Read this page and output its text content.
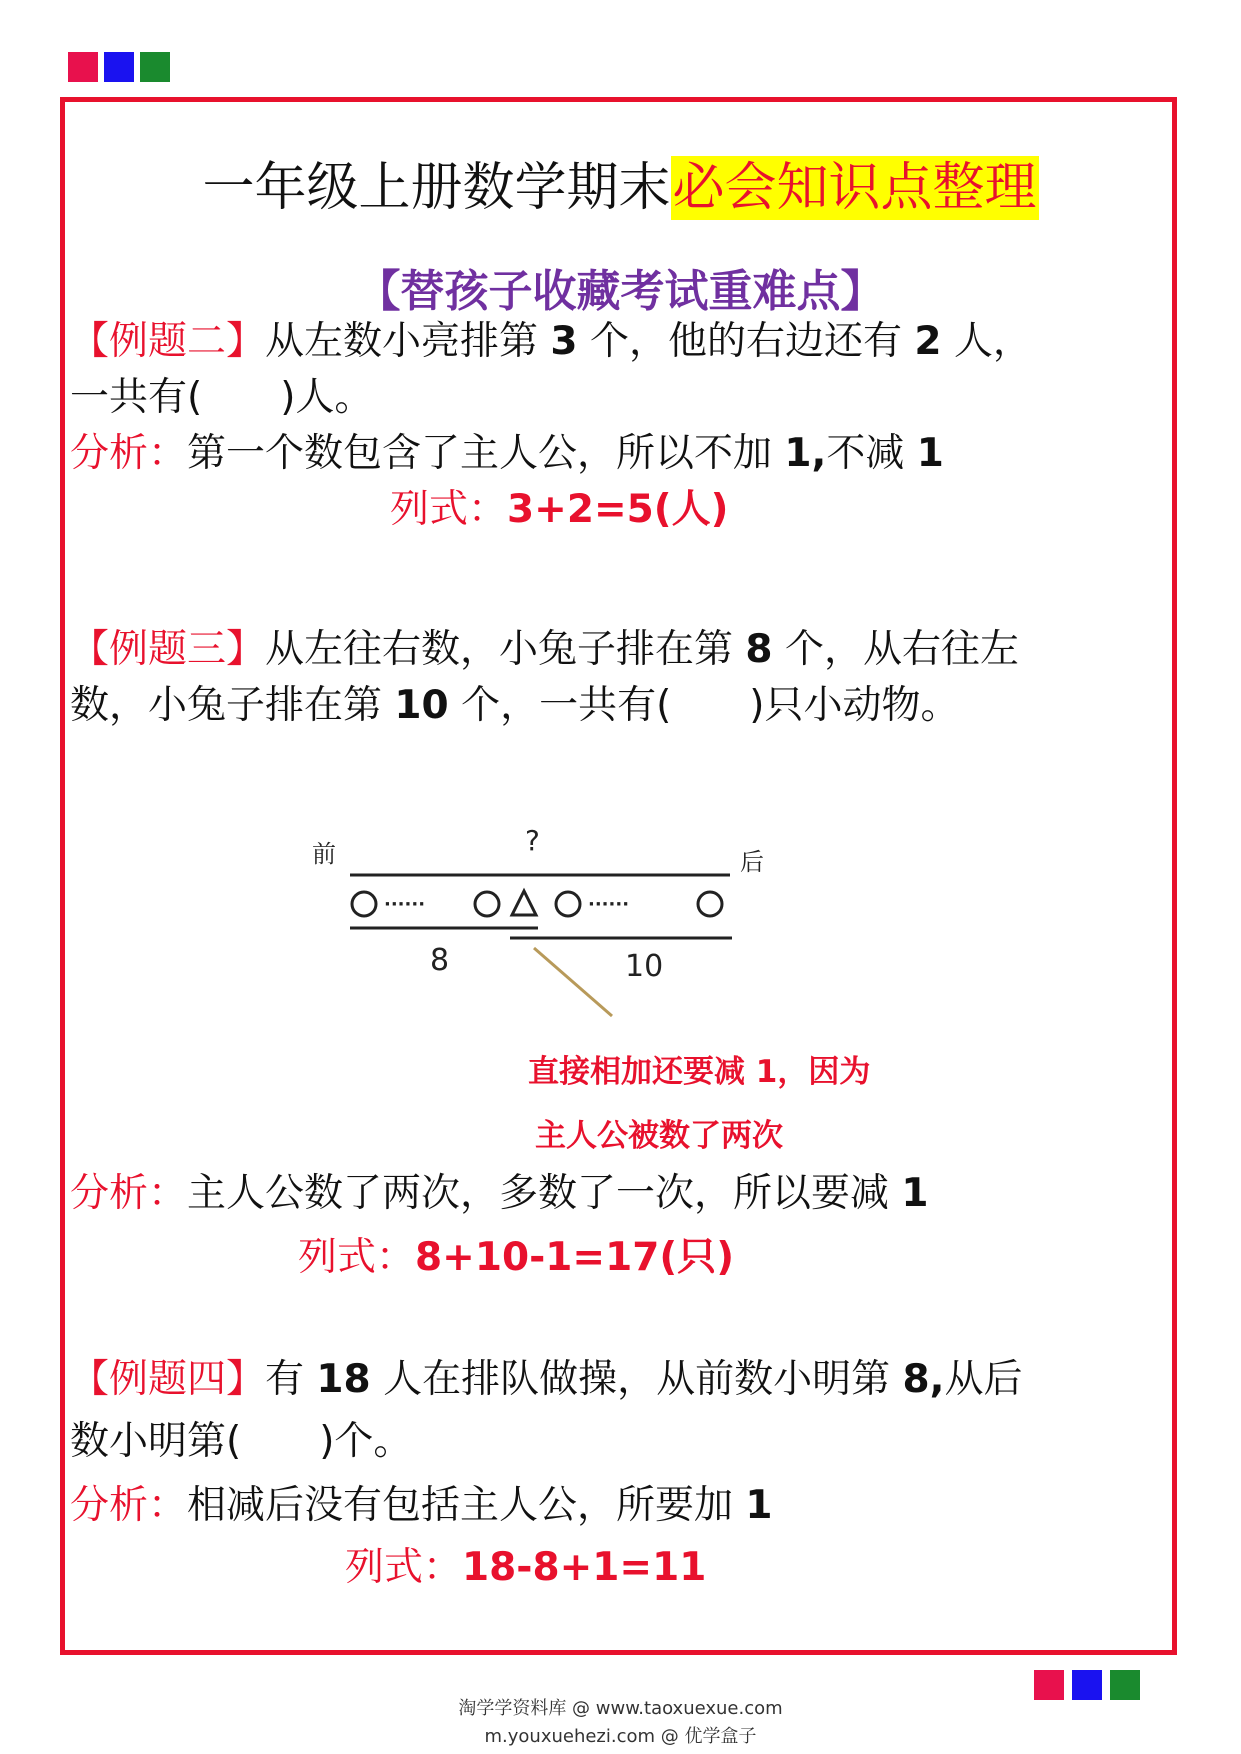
一年级上册数学期末必会知识点整理
【替孩子收藏考试重难点】
【例题二】从左数小亮排第 3 个，他的右边还有 2 人，
一共有(　　)人。
分析：第一个数包含了主人公，所以不加 1,不减 1
列式：3+2=5(人)
【例题三】从左往右数，小兔子排在第 8 个，从右往左
数，小兔子排在第 10 个，一共有(　　)只小动物。
前	?
后
······	······
8	10
直接相加还要减 1，因为
主人公被数了两次
分析：主人公数了两次，多数了一次，所以要减 1
列式：8+10-1=17(只)
【例题四】有 18 人在排队做操，从前数小明第 8,从后
数小明第(　　)个。
分析：相减后没有包括主人公，所要加 1
列式：18-8+1=11
淘学学资料库 @ www.taoxuexue.com
m.youxuehezi.com @ 优学盒子
